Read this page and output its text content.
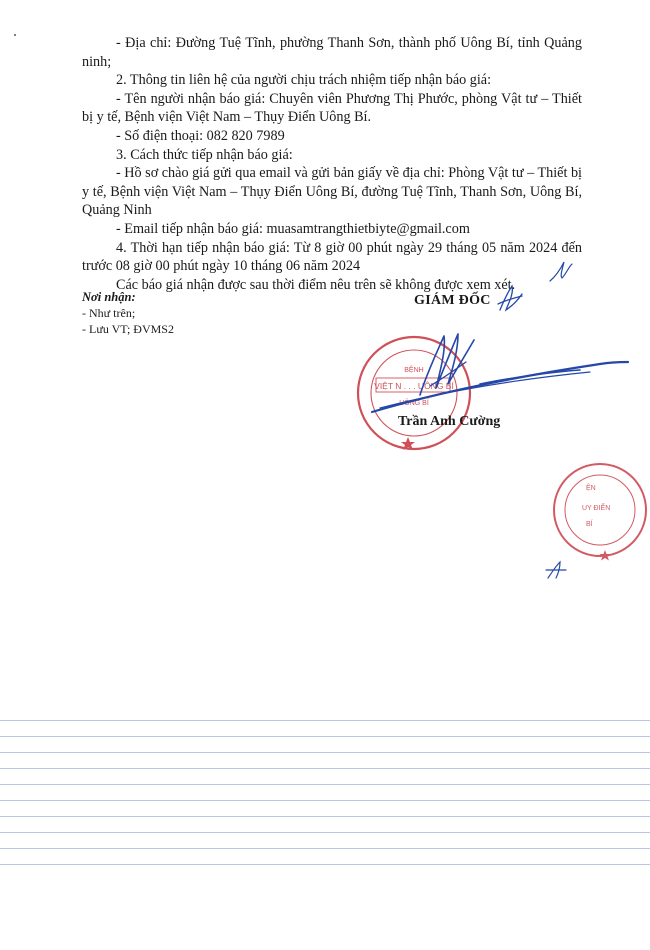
- Địa chỉ: Đường Tuệ Tĩnh, phường Thanh Sơn, thành phố Uông Bí, tỉnh Quảng ninh;

2. Thông tin liên hệ của người chịu trách nhiệm tiếp nhận báo giá:

- Tên người nhận báo giá: Chuyên viên Phương Thị Phước, phòng Vật tư – Thiết bị y tế, Bệnh viện Việt Nam – Thụy Điển Uông Bí.

- Số điện thoại: 082 820 7989

3. Cách thức tiếp nhận báo giá:

- Hồ sơ chào giá gửi qua email và gửi bản giấy về địa chỉ: Phòng Vật tư – Thiết bị y tế, Bệnh viện Việt Nam – Thụy Điển Uông Bí, đường Tuệ Tĩnh, Thanh Sơn, Uông Bí, Quảng Ninh

- Email tiếp nhận báo giá: muasamtrangthietbiyte@gmail.com

4. Thời hạn tiếp nhận báo giá: Từ 8 giờ 00 phút ngày 29 tháng 05 năm 2024 đến trước 08 giờ 00 phút ngày 10 tháng 06 năm 2024

Các báo giá nhận được sau thời điểm nêu trên sẽ không được xem xét.

Nơi nhận:
- Như trên;
- Lưu VT; ĐVMS2
GIÁM ĐỐC
VIỆT N . . . UÔNG BÍ
BỆNH
UÔNG BÍ
ỆN
UY ĐIỂN
BÍ
Trần Anh Cường
